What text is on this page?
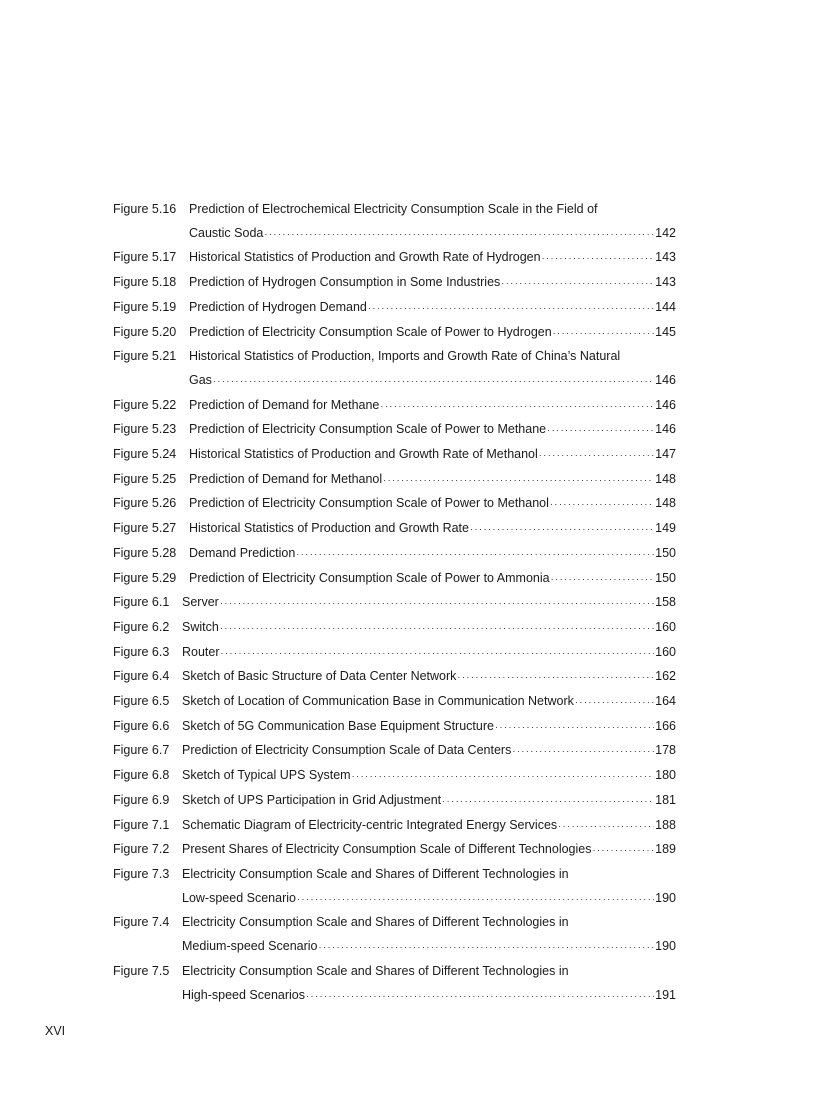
Figure 5.16	Prediction of Electrochemical Electricity Consumption Scale in the Field of
Caustic Soda ·····	142
Figure 5.17	Historical Statistics of Production and Growth Rate of Hydrogen ·····	143
Figure 5.18	Prediction of Hydrogen Consumption in Some Industries ·····	143
Figure 5.19	Prediction of Hydrogen Demand ·····	144
Figure 5.20	Prediction of Electricity Consumption Scale of Power to Hydrogen ·····	145
Figure 5.21	Historical Statistics of Production, Imports and Growth Rate of China’s Natural
Gas ·····	146
Figure 5.22	Prediction of Demand for Methane ·····	146
Figure 5.23	Prediction of Electricity Consumption Scale of Power to Methane ·····	146
Figure 5.24	Historical Statistics of Production and Growth Rate of Methanol ·····	147
Figure 5.25	Prediction of Demand for Methanol ·····	148
Figure 5.26	Prediction of Electricity Consumption Scale of Power to Methanol ·····	148
Figure 5.27	Historical Statistics of Production and Growth Rate ·····	149
Figure 5.28	Demand Prediction ·····	150
Figure 5.29	Prediction of Electricity Consumption Scale of Power to Ammonia ·····	150
Figure 6.1	Server ·····	158
Figure 6.2	Switch ·····	160
Figure 6.3	Router ·····	160
Figure 6.4	Sketch of Basic Structure of Data Center Network ·····	162
Figure 6.5	Sketch of Location of Communication Base in Communication Network ·····	164
Figure 6.6	Sketch of 5G Communication Base Equipment Structure ·····	166
Figure 6.7	Prediction of Electricity Consumption Scale of Data Centers ·····	178
Figure 6.8	Sketch of Typical UPS System ·····	180
Figure 6.9	Sketch of UPS Participation in Grid Adjustment ·····	181
Figure 7.1	Schematic Diagram of Electricity-centric Integrated Energy Services ·····	188
Figure 7.2	Present Shares of Electricity Consumption Scale of Different Technologies ·····	189
Figure 7.3	Electricity Consumption Scale and Shares of Different Technologies in
Low-speed Scenario ·····	190
Figure 7.4	Electricity Consumption Scale and Shares of Different Technologies in
Medium-speed Scenario ·····	190
Figure 7.5	Electricity Consumption Scale and Shares of Different Technologies in
High-speed Scenarios ·····	191
XVI
